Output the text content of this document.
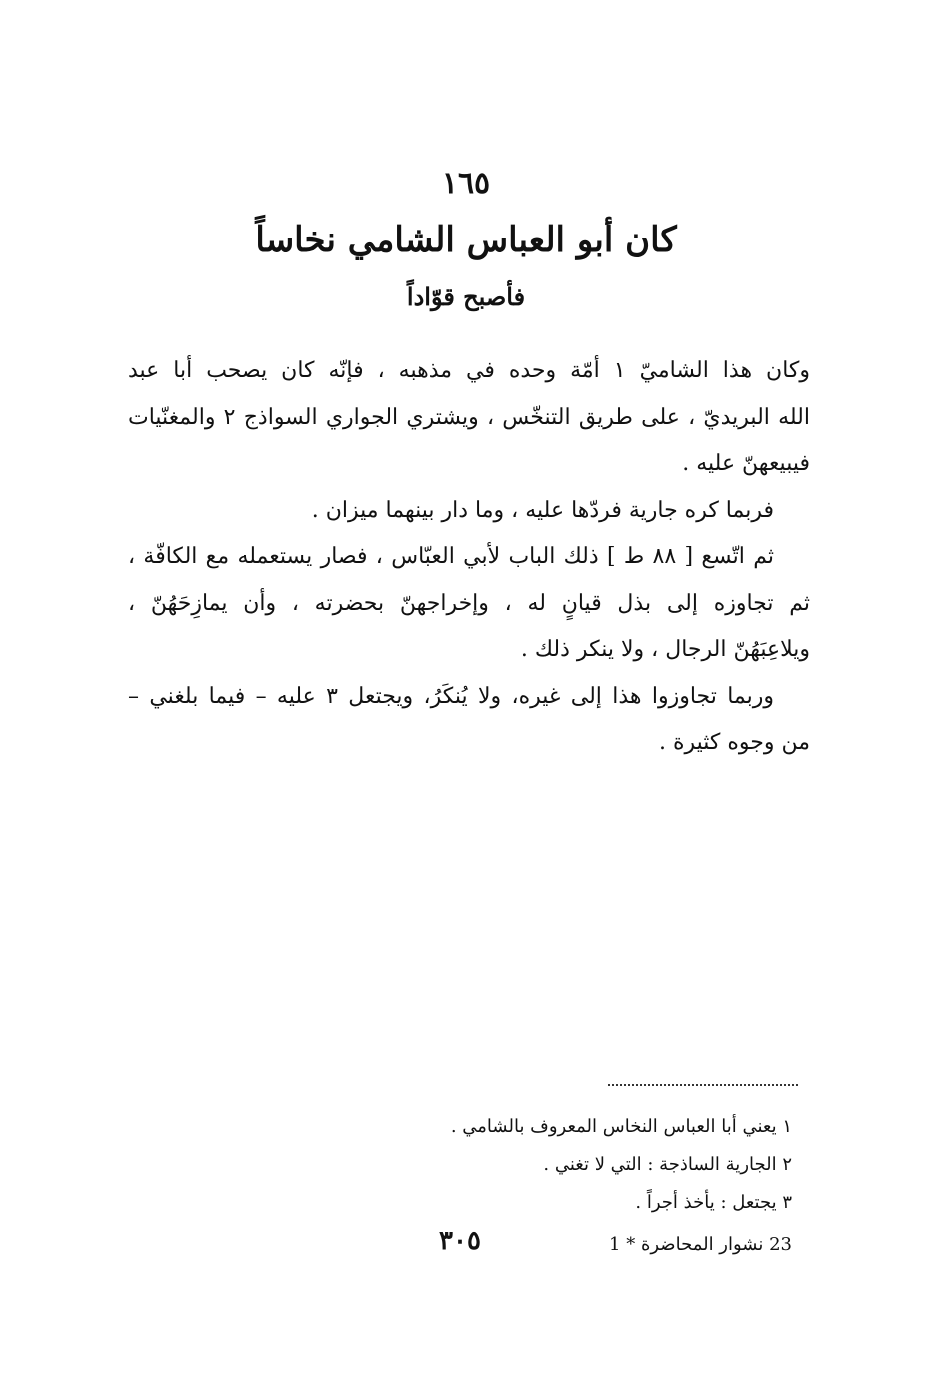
١٦٥
كان أبو العباس الشامي نخاساً
فأصبح قوّاداً
وكان هذا الشاميّ ١ أمّة وحده في مذهبه ، فإنّه كان يصحب أبا عبد
الله البريديّ ، على طريق التنخّس ، ويشتري الجواري السواذج ٢ والمغنّيات
فيبيعهنّ عليه .
فربما كره جارية فردّها عليه ، وما دار بينهما ميزان .
ثم اتّسع [ ٨٨ ط ] ذلك الباب لأبي العبّاس ، فصار يستعمله مع الكافّة ،
ثم تجاوزه إلى بذل قيانٍ له ، وإخراجهنّ بحضرته ، وأن يمازِحَهُنّ ،
ويلاعِبَهُنّ الرجال ، ولا ينكر ذلك .
وربما تجاوزوا هذا إلى غيره، ولا يُنكَرُ، ويجتعل ٣ عليه – فيما بلغني –
من وجوه كثيرة .
١ يعني أبا العباس النخاس المعروف بالشامي .
٢ الجارية الساذجة : التي لا تغني .
٣ يجتعل : يأخذ أجراً .
٣٠٥	23 نشوار المحاضرة * 1
